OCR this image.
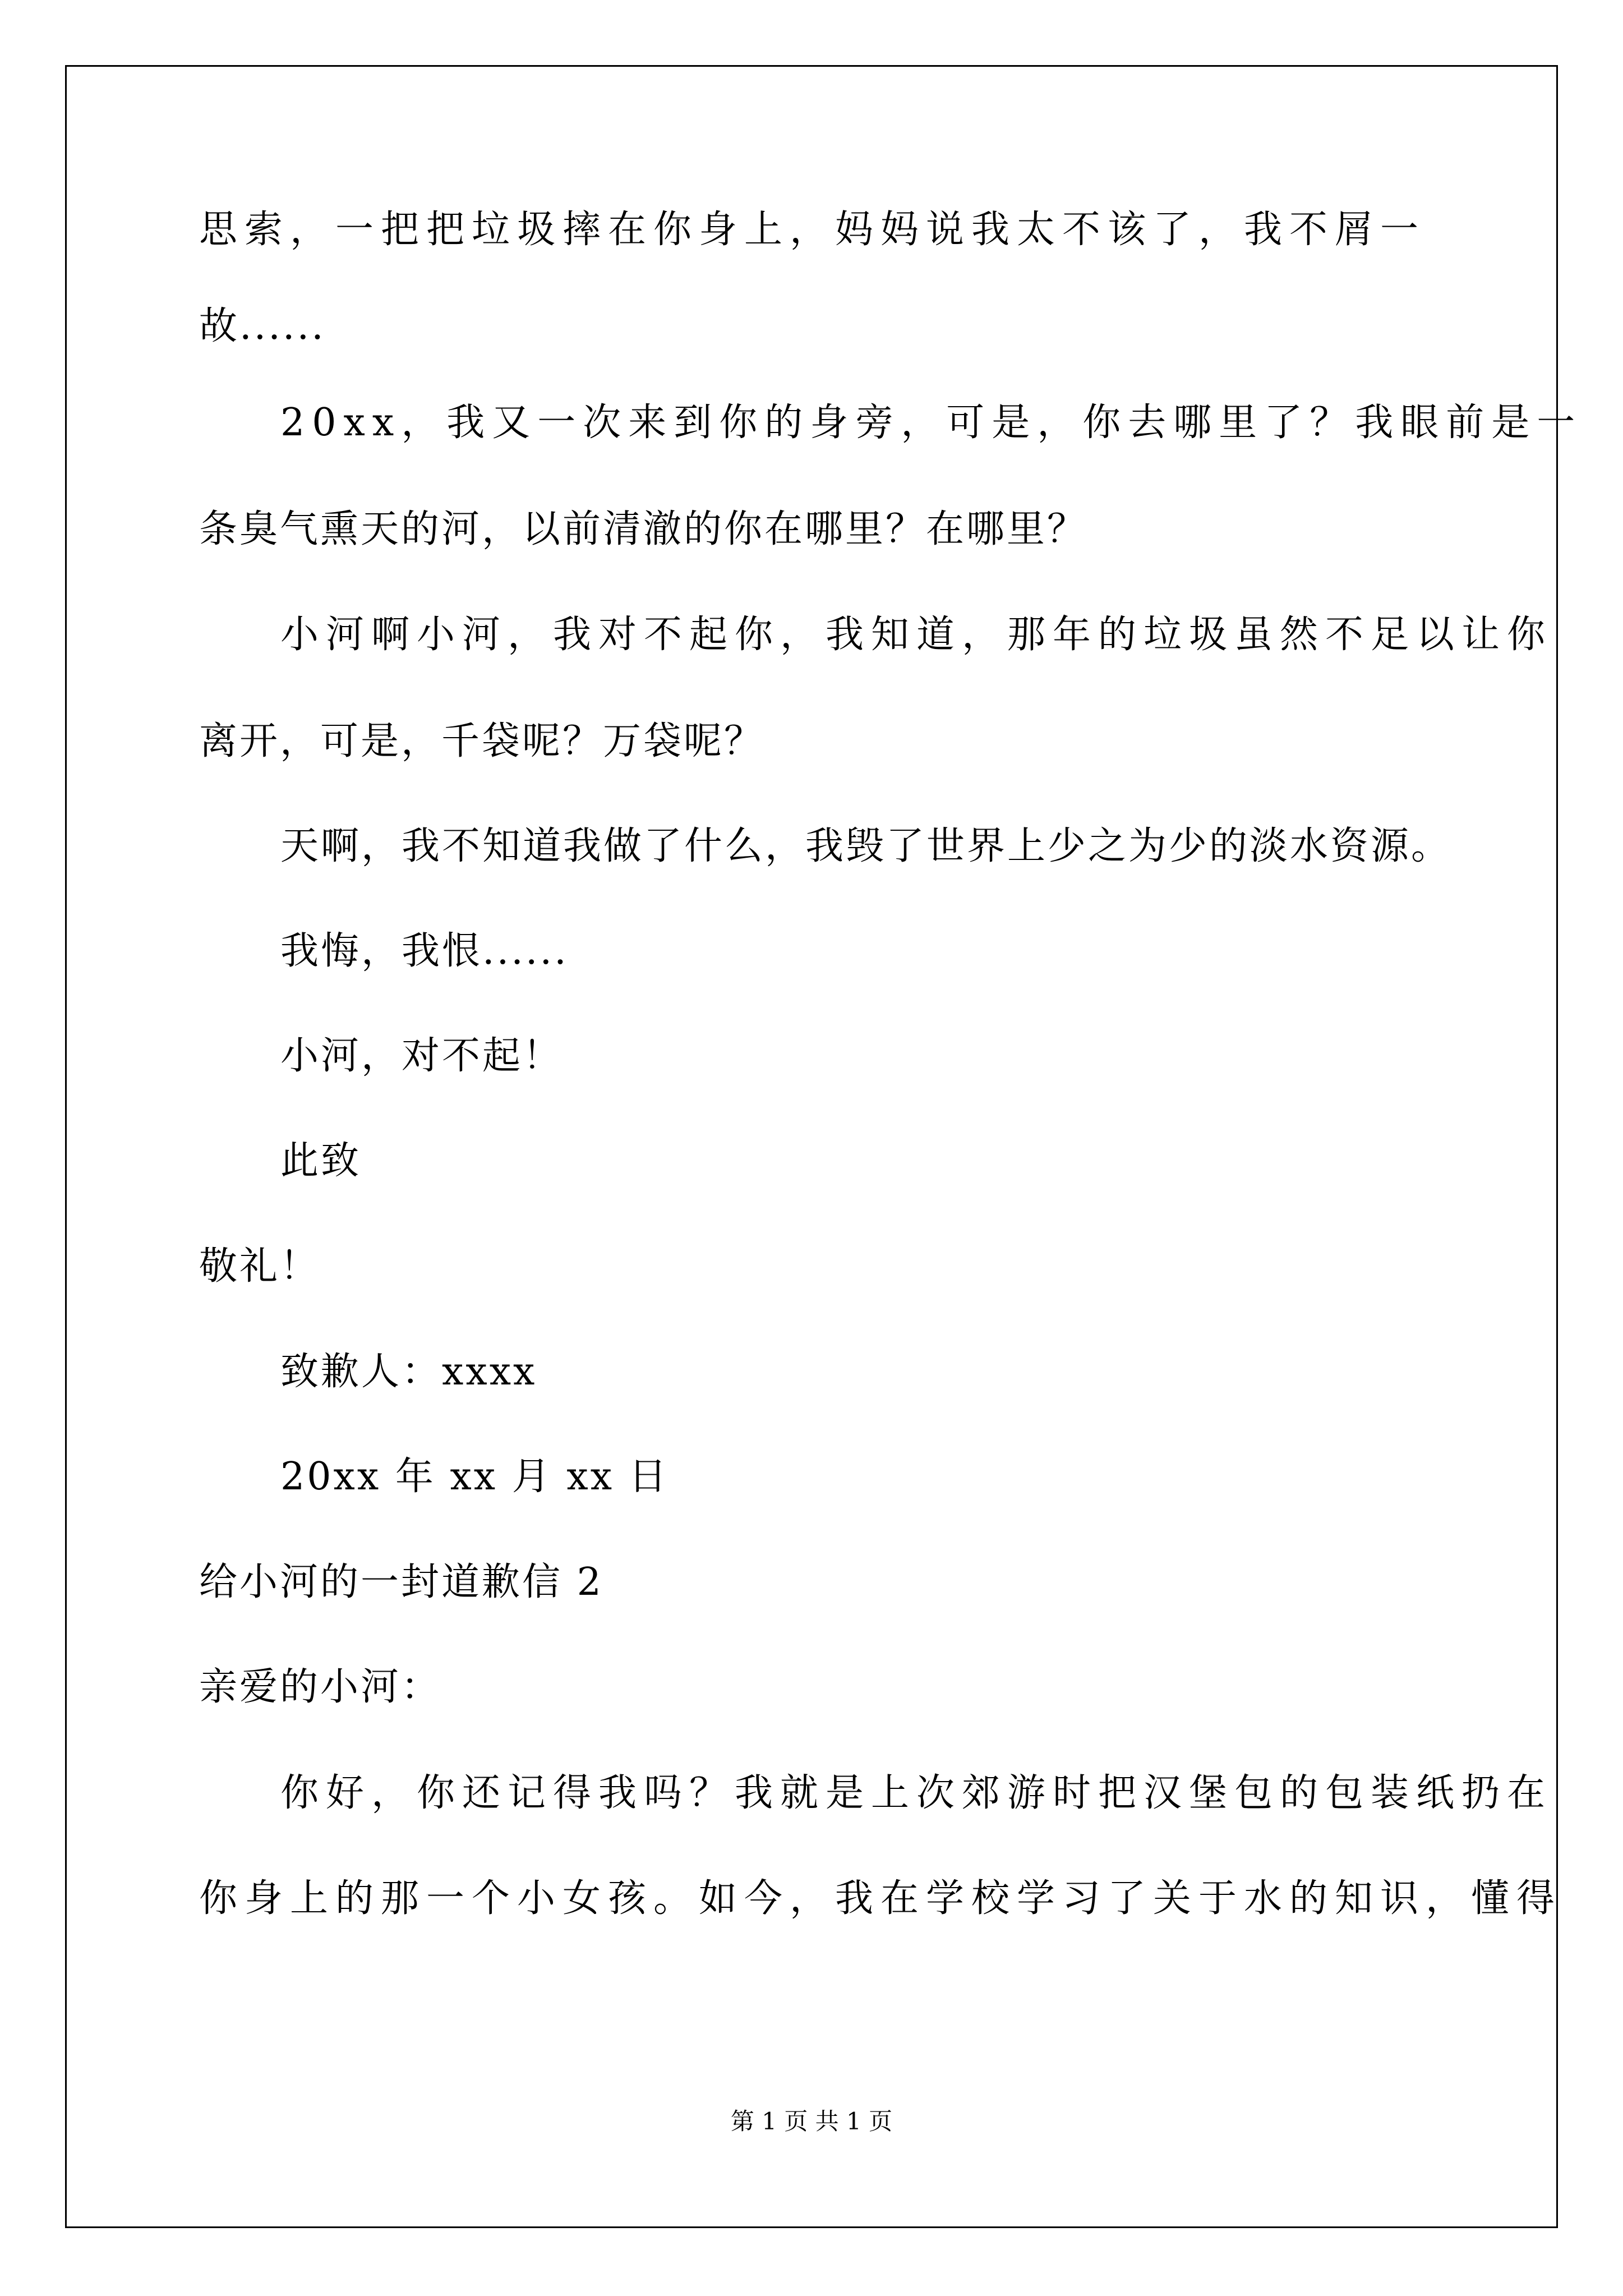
思索，一把把垃圾摔在你身上，妈妈说我太不该了，我不屑一
故......
20xx，我又一次来到你的身旁，可是，你去哪里了？我眼前是一
条臭气熏天的河，以前清澈的你在哪里？在哪里？
小河啊小河，我对不起你，我知道，那年的垃圾虽然不足以让你
离开，可是，千袋呢？万袋呢？
天啊，我不知道我做了什么，我毁了世界上少之为少的淡水资源。
我悔，我恨......
小河，对不起！
此致
敬礼！
致歉人：xxxx
20xx 年 xx 月 xx 日
给小河的一封道歉信 2
亲爱的小河：
你好，你还记得我吗？我就是上次郊游时把汉堡包的包装纸扔在
你身上的那一个小女孩。如今，我在学校学习了关于水的知识，懂得
第 1 页 共 1 页
